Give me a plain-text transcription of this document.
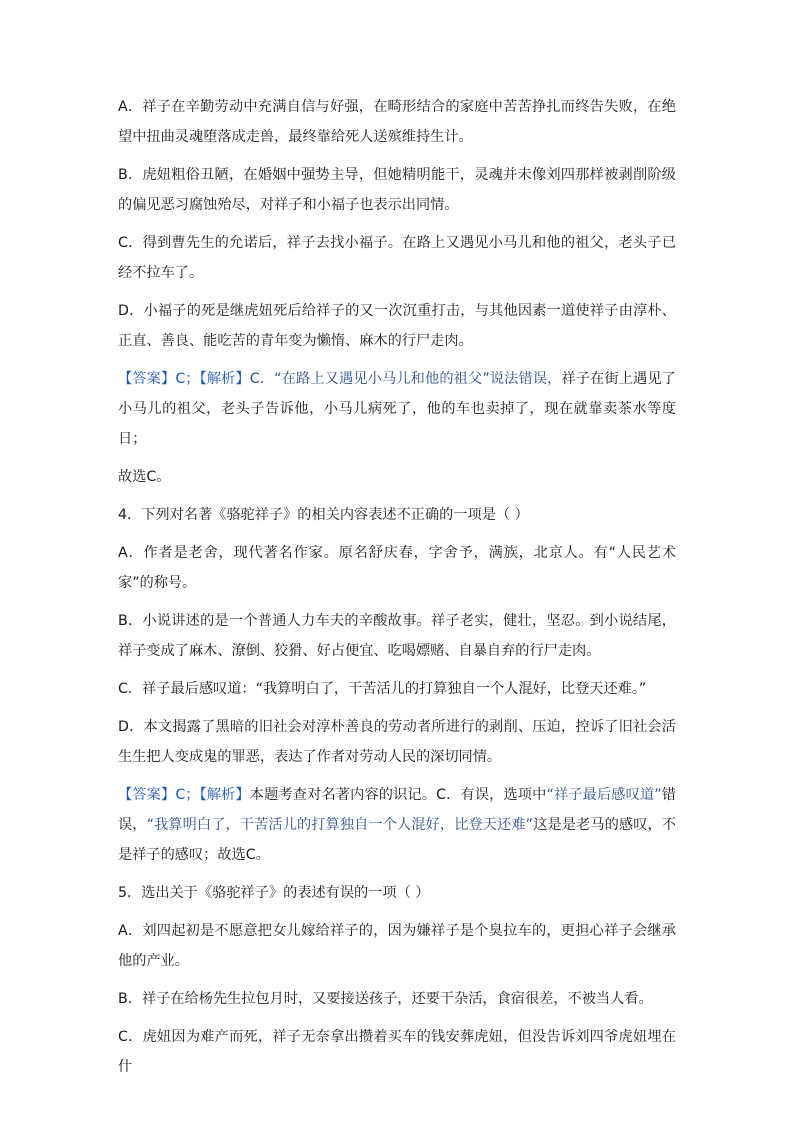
A．祥子在辛勤劳动中充满自信与好强，在畸形结合的家庭中苦苦挣扎而终告失败，在绝望中扭曲灵魂堕落成走兽，最终靠给死人送殡维持生计。

B．虎妞粗俗丑陋，在婚姻中强势主导，但她精明能干，灵魂并未像刘四那样被剥削阶级的偏见恶习腐蚀殆尽，对祥子和小福子也表示出同情。

C．得到曹先生的允诺后，祥子去找小福子。在路上又遇见小马儿和他的祖父，老头子已经不拉车了。

D．小福子的死是继虎妞死后给祥子的又一次沉重打击，与其他因素一道使祥子由淳朴、正直、善良、能吃苦的青年变为懒惰、麻木的行尸走肉。

【答案】C；【解析】C．“在路上又遇见小马儿和他的祖父”说法错误，祥子在街上遇见了小马儿的祖父，老头子告诉他，小马儿病死了，他的车也卖掉了，现在就靠卖茶水等度日；

故选C。

4．下列对名著《骆驼祥子》的相关内容表述不正确的一项是（ ）

A．作者是老舍，现代著名作家。原名舒庆春，字舍予，满族，北京人。有“人民艺术家”的称号。

B．小说讲述的是一个普通人力车夫的辛酸故事。祥子老实，健壮，坚忍。到小说结尾，祥子变成了麻木、潦倒、狡猾、好占便宜、吃喝嫖赌、自暴自弃的行尸走肉。

C．祥子最后感叹道：“我算明白了，干苦活儿的打算独自一个人混好，比登天还难。”

D．本文揭露了黑暗的旧社会对淳朴善良的劳动者所进行的剥削、压迫，控诉了旧社会活生生把人变成鬼的罪恶，表达了作者对劳动人民的深切同情。

【答案】C；【解析】本题考查对名著内容的识记。C．有误，选项中“祥子最后感叹道”错误，“我算明白了，干苦活儿的打算独自一个人混好，比登天还难”这是是老马的感叹，不是祥子的感叹；故选C。

5．选出关于《骆驼祥子》的表述有误的一项（ ）

A．刘四起初是不愿意把女儿嫁给祥子的，因为嫌祥子是个臭拉车的，更担心祥子会继承他的产业。

B．祥子在给杨先生拉包月时，又要接送孩子，还要干杂活，食宿很差，不被当人看。

C．虎妞因为难产而死，祥子无奈拿出攒着买车的钱安葬虎妞，但没告诉刘四爷虎妞埋在什
